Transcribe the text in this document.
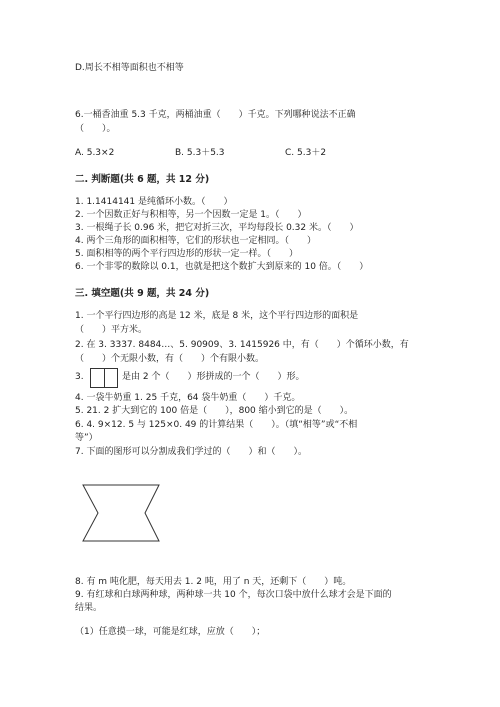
D.周长不相等面积也不相等
6.一桶香油重 5.3 千克，两桶油重（　　）千克。下列哪种说法不正确
（　　）。
A. 5.3×2	B. 5.3＋5.3	C. 5.3＋2
二. 判断题(共 6 题，共 12 分)
1. 1.1414141 是纯循环小数。（　　）
2. 一个因数正好与积相等，另一个因数一定是 1。（　　）
3. 一根绳子长 0.96 米，把它对折三次，平均每段长 0.32 米。（　　）
4. 两个三角形的面积相等，它们的形状也一定相同。（　　）
5. 面积相等的两个平行四边形的形状一定一样。（　　）
6. 一个非零的数除以 0.1，也就是把这个数扩大到原来的 10 倍。（　　）
三. 填空题(共 9 题，共 24 分)
1. 一个平行四边形的高是 12 米，底是 8 米，这个平行四边形的面积是
（　　）平方米。
2. 在 3. 3337. 8484…、5. 90909、3. 1415926 中，有（　　）个循环小数，有
（　　）个无限小数，有（　　）个有限小数。
3.	是由 2 个（　　）形拼成的一个（　　）形。
4. 一袋牛奶重 1. 25 千克，64 袋牛奶重（　　）千克。
5. 21. 2 扩大到它的 100 倍是（　　），800 缩小到它的是（　　）。
6. 4. 9×12. 5 与 125×0. 49 的计算结果（　　）。（填“相等”或“不相
等”）
7. 下面的图形可以分割成我们学过的（　　）和（　　）。
8. 有 m 吨化肥，每天用去 1. 2 吨，用了 n 天，还剩下（　　）吨。
9. 有红球和白球两种球，两种球一共 10 个，每次口袋中放什么球才会是下面的
结果。
（1）任意摸一球，可能是红球，应放（　　）；
